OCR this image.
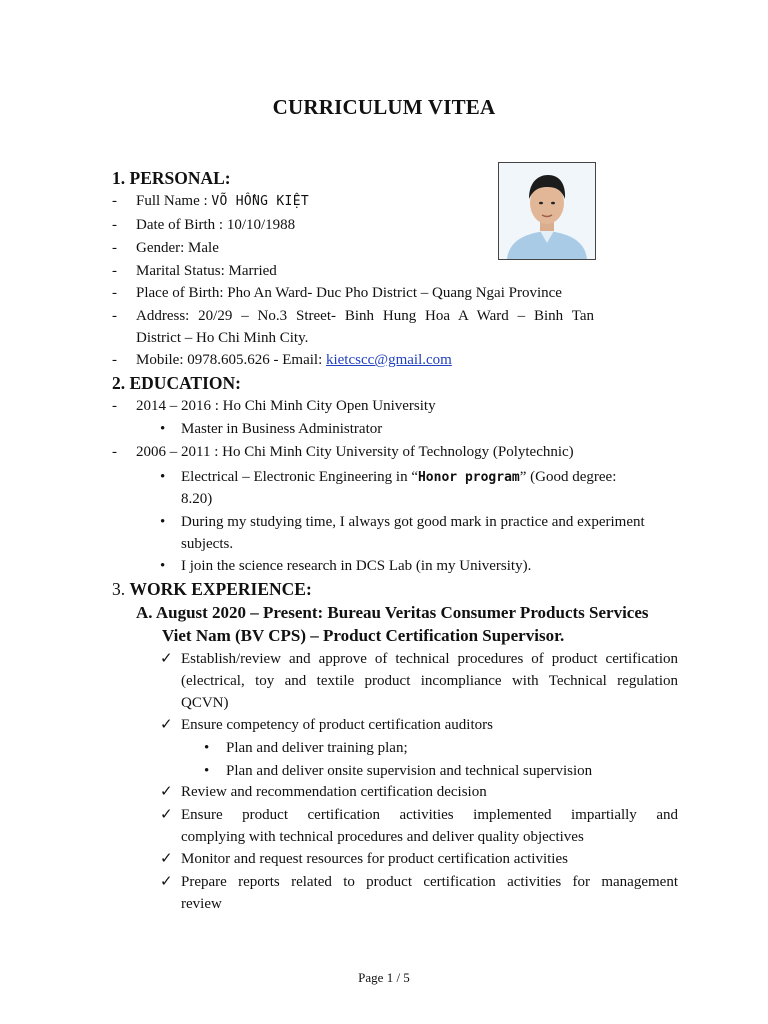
CURRICULUM VITEA
1. PERSONAL:
- Full Name : VÕ HỒNG KIỆT
- Date of Birth : 10/10/1988
- Gender: Male
- Marital Status: Married
- Place of Birth: Pho An Ward- Duc Pho District – Quang Ngai Province
- Address: 20/29 – No.3 Street- Binh Hung Hoa A Ward – Binh Tan
District – Ho Chi Minh City.
- Mobile: 0978.605.626 - Email: kietcscc@gmail.com
2. EDUCATION:
- 2014 – 2016 : Ho Chi Minh City Open University
• Master in Business Administrator
- 2006 – 2011 : Ho Chi Minh City University of Technology (Polytechnic)
• Electrical – Electronic Engineering in “Honor program” (Good degree:
8.20)
• During my studying time, I always got good mark in practice and experiment
subjects.
• I join the science research in DCS Lab (in my University).
3. WORK EXPERIENCE:
A. August 2020 – Present: Bureau Veritas Consumer Products Services
Viet Nam (BV CPS) – Product Certification Supervisor.
✓ Establish/review and approve of technical procedures of product certification
(electrical, toy and textile product incompliance with Technical regulation
QCVN)
✓ Ensure competency of product certification auditors
• Plan and deliver training plan;
• Plan and deliver onsite supervision and technical supervision
✓ Review and recommendation certification decision
✓ Ensure product certification activities implemented impartially and
complying with technical procedures and deliver quality objectives
✓ Monitor and request resources for product certification activities
✓ Prepare reports related to product certification activities for management
review
Page 1 / 5
